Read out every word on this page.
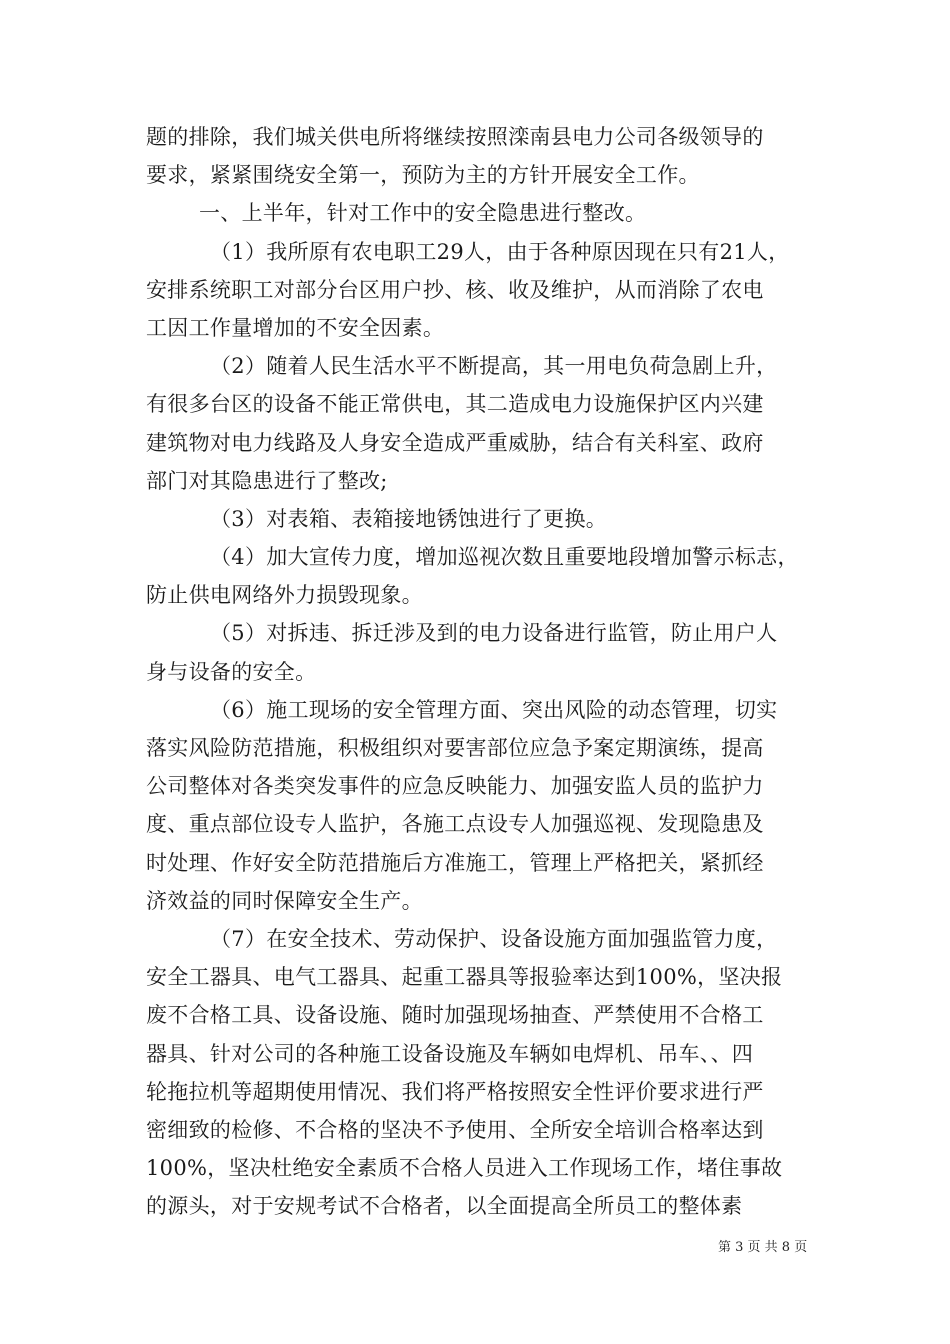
题的排除，我们城关供电所将继续按照滦南县电力公司各级领导的
要求，紧紧围绕安全第一，预防为主的方针开展安全工作。
一、上半年，针对工作中的安全隐患进行整改。
（1）我所原有农电职工29人，由于各种原因现在只有21人，
安排系统职工对部分台区用户抄、核、收及维护，从而消除了农电
工因工作量增加的不安全因素。
（2）随着人民生活水平不断提高，其一用电负荷急剧上升，
有很多台区的设备不能正常供电，其二造成电力设施保护区内兴建
建筑物对电力线路及人身安全造成严重威胁，结合有关科室、政府
部门对其隐患进行了整改;
（3）对表箱、表箱接地锈蚀进行了更换。
（4）加大宣传力度，增加巡视次数且重要地段增加警示标志，
防止供电网络外力损毁现象。
（5）对拆违、拆迁涉及到的电力设备进行监管，防止用户人
身与设备的安全。
（6）施工现场的安全管理方面、突出风险的动态管理，切实
落实风险防范措施，积极组织对要害部位应急予案定期演练，提高
公司整体对各类突发事件的应急反映能力、加强安监人员的监护力
度、重点部位设专人监护，各施工点设专人加强巡视、发现隐患及
时处理、作好安全防范措施后方准施工，管理上严格把关，紧抓经
济效益的同时保障安全生产。
（7）在安全技术、劳动保护、设备设施方面加强监管力度，
安全工器具、电气工器具、起重工器具等报验率达到100%，坚决报
废不合格工具、设备设施、随时加强现场抽查、严禁使用不合格工
器具、针对公司的各种施工设备设施及车辆如电焊机、吊车、、四
轮拖拉机等超期使用情况、我们将严格按照安全性评价要求进行严
密细致的检修、不合格的坚决不予使用、全所安全培训合格率达到
100%，坚决杜绝安全素质不合格人员进入工作现场工作，堵住事故
的源头，对于安规考试不合格者，以全面提高全所员工的整体素
第 3 页 共 8 页
